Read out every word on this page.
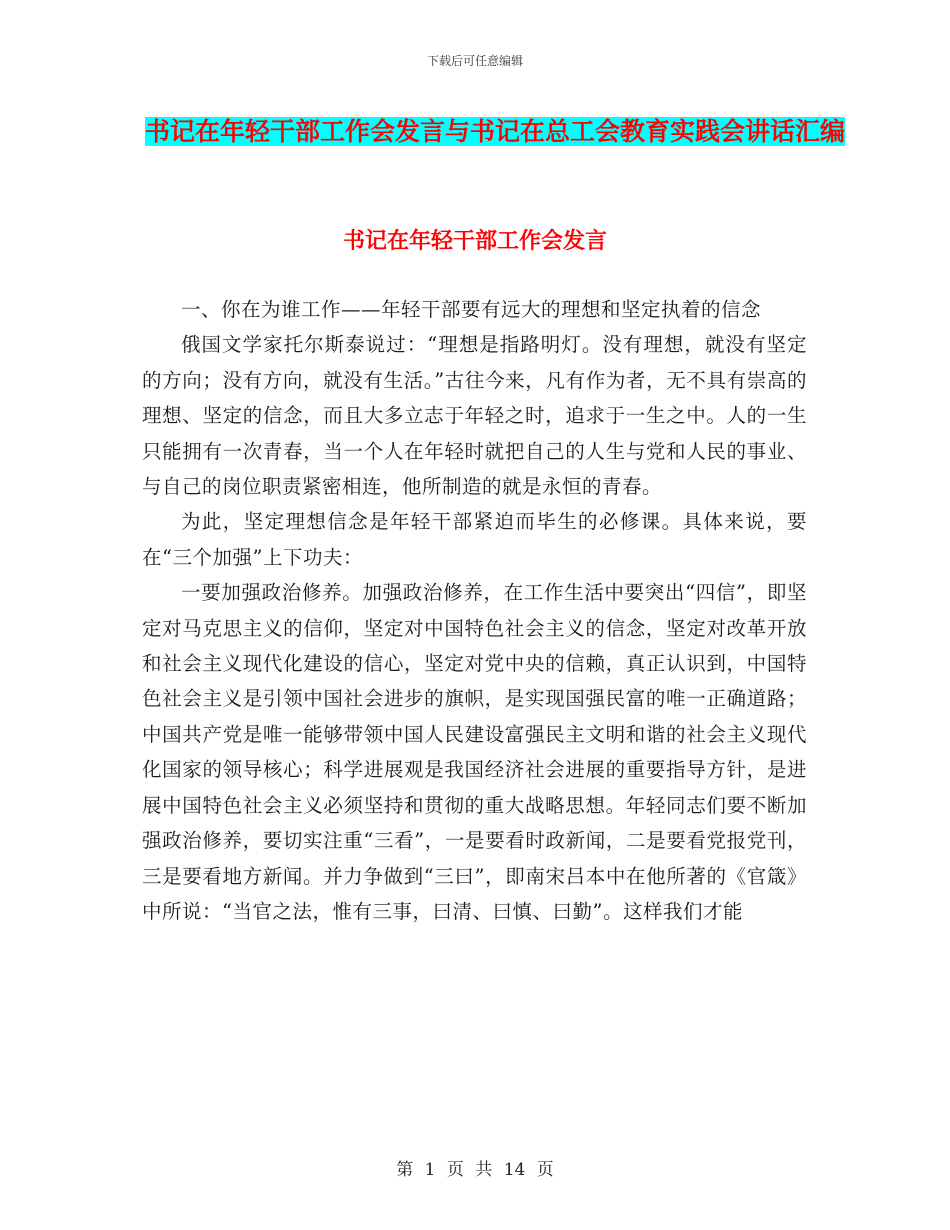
下载后可任意编辑
书记在年轻干部工作会发言与书记在总工会教育实践会讲话汇编
书记在年轻干部工作会发言

一、你在为谁工作——年轻干部要有远大的理想和坚定执着的信念

俄国文学家托尔斯泰说过：“理想是指路明灯。没有理想，就没有坚定的方向；没有方向，就没有生活。”古往今来，凡有作为者，无不具有崇高的理想、坚定的信念，而且大多立志于年轻之时，追求于一生之中。人的一生只能拥有一次青春，当一个人在年轻时就把自己的人生与党和人民的事业、与自己的岗位职责紧密相连，他所制造的就是永恒的青春。

为此，坚定理想信念是年轻干部紧迫而毕生的必修课。具体来说，要在“三个加强”上下功夫：

一要加强政治修养。加强政治修养，在工作生活中要突出“四信”，即坚定对马克思主义的信仰，坚定对中国特色社会主义的信念，坚定对改革开放和社会主义现代化建设的信心，坚定对党中央的信赖，真正认识到，中国特色社会主义是引领中国社会进步的旗帜，是实现国强民富的唯一正确道路；中国共产党是唯一能够带领中国人民建设富强民主文明和谐的社会主义现代化国家的领导核心；科学进展观是我国经济社会进展的重要指导方针，是进展中国特色社会主义必须坚持和贯彻的重大战略思想。年轻同志们要不断加强政治修养，要切实注重“三看”，一是要看时政新闻，二是要看党报党刊，三是要看地方新闻。并力争做到“三曰”，即南宋吕本中在他所著的《官箴》中所说：“当官之法，惟有三事，曰清、曰慎、曰勤”。这样我们才能

第 1 页 共 14 页
